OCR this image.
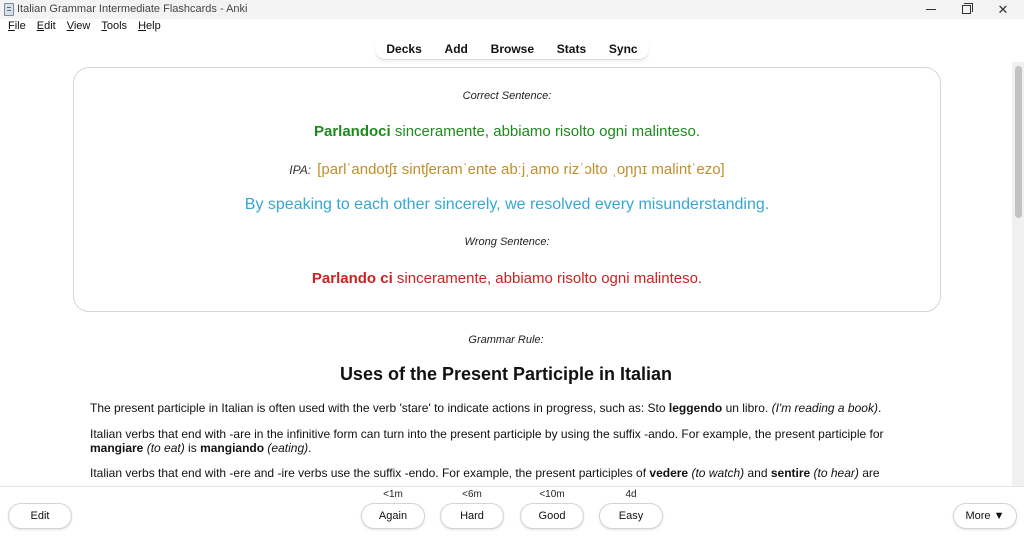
Italian Grammar Intermediate Flashcards - Anki	✕
File Edit View Tools Help
Decks	Add	Browse	Stats	Sync
Correct Sentence:
Parlandoci sinceramente, abbiamo risolto ogni malinteso.
IPA: [parlˈandotʃɪ sintʃeramˈente abːjˌamo rizˈɔlto ˌoɲɲɪ malintˈezo]
By speaking to each other sincerely, we resolved every misunderstanding.
Wrong Sentence:
Parlando ci sinceramente, abbiamo risolto ogni malinteso.
Grammar Rule:
Uses of the Present Participle in Italian

The present participle in Italian is often used with the verb 'stare' to indicate actions in progress, such as: Sto leggendo un libro. (I'm reading a book).

Italian verbs that end with -are in the infinitive form can turn into the present participle by using the suffix -ando. For example, the present participle for mangiare (to eat) is mangiando (eating).

Italian verbs that end with -ere and -ire verbs use the suffix -endo. For example, the present participles of vedere (to watch) and sentire (to hear) are

Edit
<1m	<6m	<10m	4d
Again	Hard	Good	Easy	More ▼
